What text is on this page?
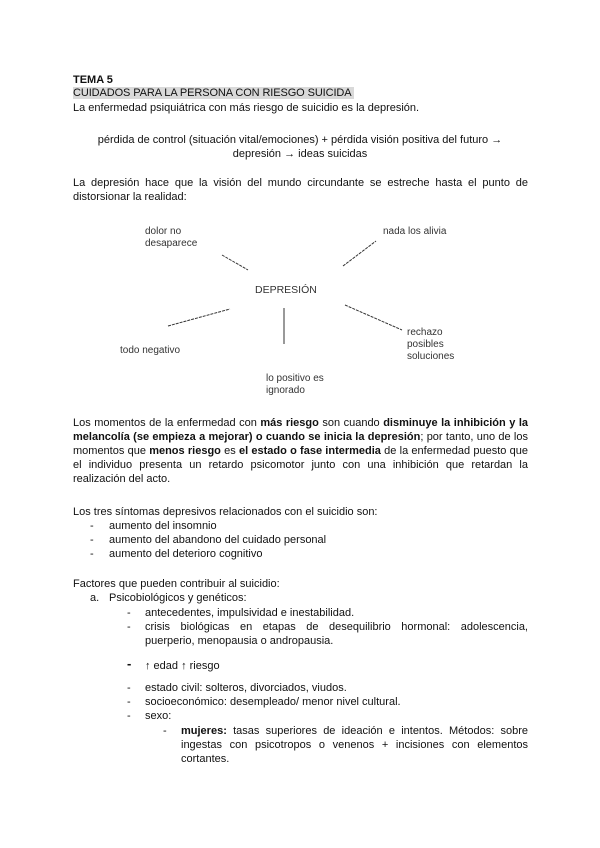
TEMA 5
CUIDADOS PARA LA PERSONA CON RIESGO SUICIDA
La enfermedad psiquiátrica con más riesgo de suicidio es la depresión.
pérdida de control (situación vital/emociones) + pérdida visión positiva del futuro →
depresión → ideas suicidas
La depresión hace que la visión del mundo circundante se estreche hasta el punto de distorsionar la realidad:
dolor no
desaparece
nada los alivia
DEPRESIÓN
todo negativo
lo positivo es
ignorado
rechazo
posibles
soluciones
Los momentos de la enfermedad con más riesgo son cuando disminuye la inhibición y la melancolía (se empieza a mejorar) o cuando se inicia la depresión; por tanto, uno de los momentos que menos riesgo es el estado o fase intermedia de la enfermedad puesto que el individuo presenta un retardo psicomotor junto con una inhibición que retardan la realización del acto.
Los tres síntomas depresivos relacionados con el suicidio son:
- aumento del insomnio
- aumento del abandono del cuidado personal
- aumento del deterioro cognitivo
Factores que pueden contribuir al suicidio:
a. Psicobiológicos y genéticos:
- antecedentes, impulsividad e inestabilidad.
- crisis biológicas en etapas de desequilibrio hormonal: adolescencia, puerperio, menopausia o andropausia.
- ↑ edad ↑ riesgo
- estado civil: solteros, divorciados, viudos.
- socioeconómico: desempleado/ menor nivel cultural.
- sexo:
- mujeres: tasas superiores de ideación e intentos. Métodos: sobre ingestas con psicotropos o venenos + incisiones con elementos cortantes.
